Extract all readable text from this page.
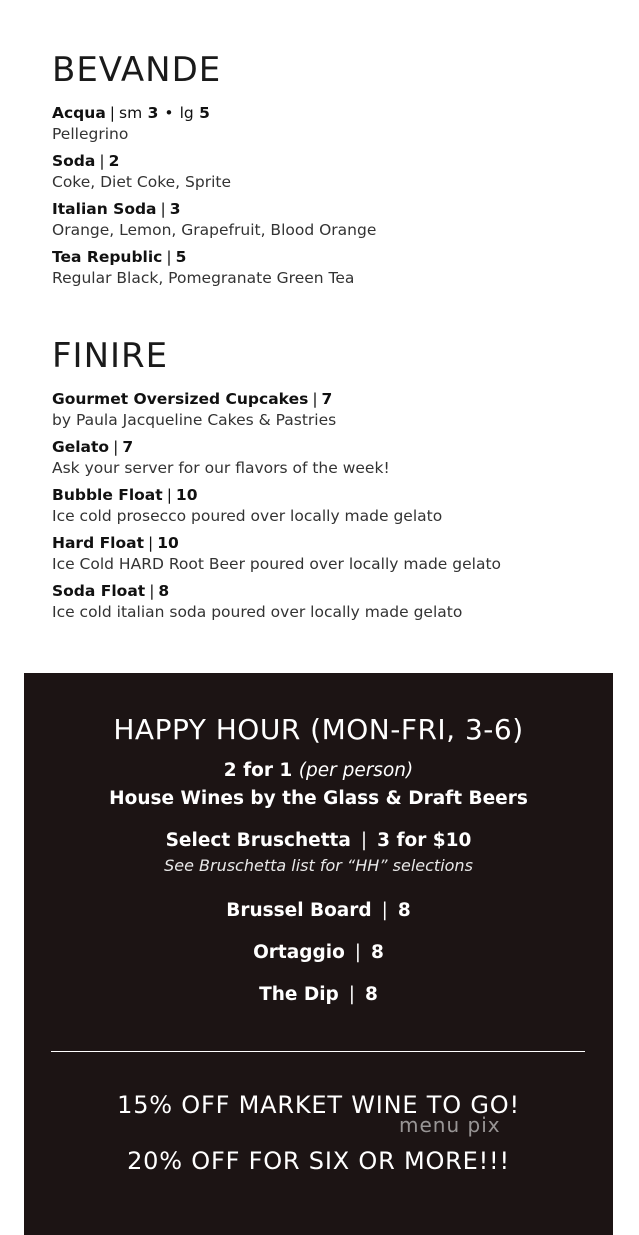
BEVANDE
Acqua | sm 3 • lg 5
Pellegrino
Soda | 2
Coke, Diet Coke, Sprite
Italian Soda | 3
Orange, Lemon, Grapefruit, Blood Orange
Tea Republic | 5
Regular Black, Pomegranate Green Tea
FINIRE
Gourmet Oversized Cupcakes | 7
by Paula Jacqueline Cakes & Pastries
Gelato | 7
Ask your server for our flavors of the week!
Bubble Float | 10
Ice cold prosecco poured over locally made gelato
Hard Float | 10
Ice Cold HARD Root Beer poured over locally made gelato
Soda Float | 8
Ice cold italian soda poured over locally made gelato
HAPPY HOUR (MON-FRI, 3-6)
2 for 1 (per person)
House Wines by the Glass & Draft Beers
Select Bruschetta | 3 for $10
See Bruschetta list for “HH” selections
Brussel Board | 8
Ortaggio | 8
The Dip | 8
15% OFF MARKET WINE TO GO!
20% OFF FOR SIX OR MORE!!!
menu pix
